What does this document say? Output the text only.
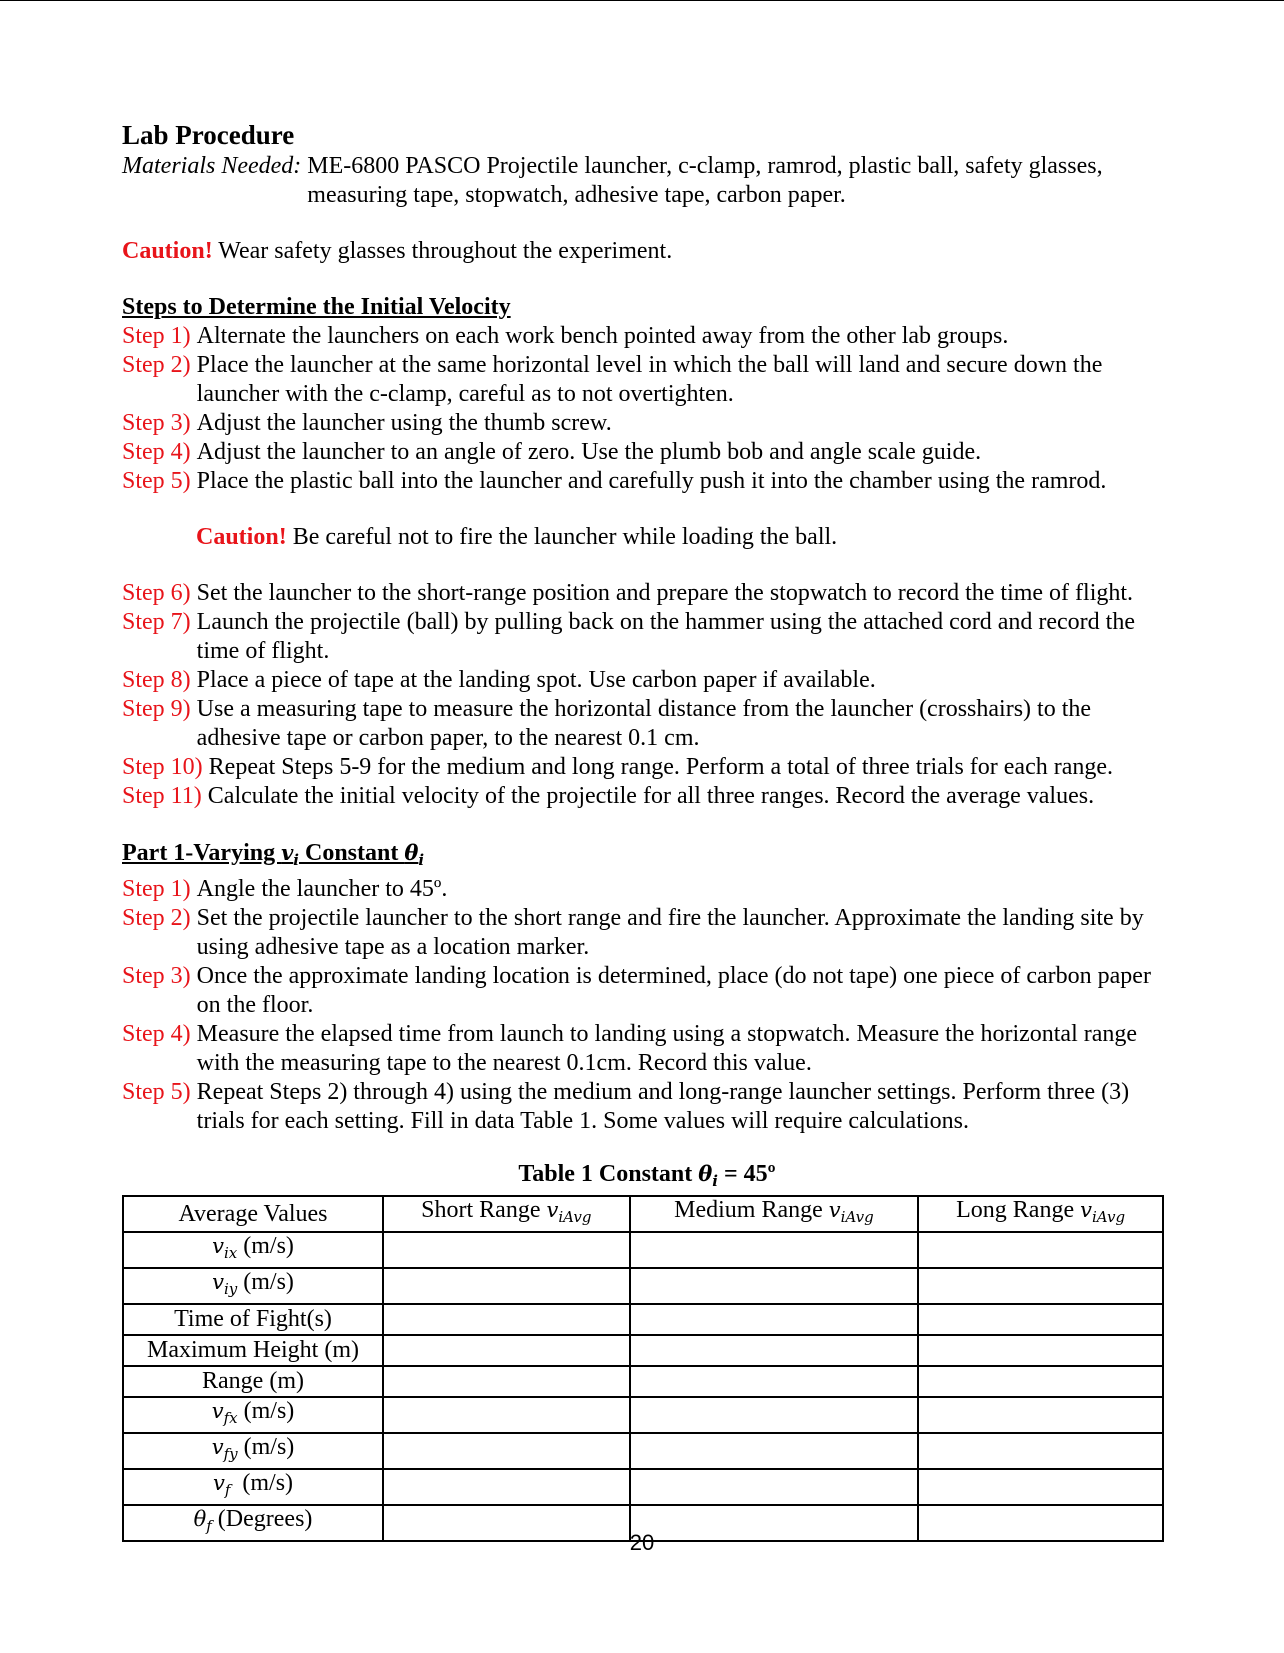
Lab Procedure
Materials Needed: ME-6800 PASCO Projectile launcher, c-clamp, ramrod, plastic ball, safety glasses,
measuring tape, stopwatch, adhesive tape, carbon paper.
Caution! Wear safety glasses throughout the experiment.
Steps to Determine the Initial Velocity
Step 1) Alternate the launchers on each work bench pointed away from the other lab groups.
Step 2) Place the launcher at the same horizontal level in which the ball will land and secure down the launcher with the c-clamp, careful as to not overtighten.
Step 3) Adjust the launcher using the thumb screw.
Step 4) Adjust the launcher to an angle of zero. Use the plumb bob and angle scale guide.
Step 5) Place the plastic ball into the launcher and carefully push it into the chamber using the ramrod.
Caution! Be careful not to fire the launcher while loading the ball.
Step 6) Set the launcher to the short-range position and prepare the stopwatch to record the time of flight.
Step 7) Launch the projectile (ball) by pulling back on the hammer using the attached cord and record the time of flight.
Step 8) Place a piece of tape at the landing spot. Use carbon paper if available.
Step 9) Use a measuring tape to measure the horizontal distance from the launcher (crosshairs) to the adhesive tape or carbon paper, to the nearest 0.1 cm.
Step 10) Repeat Steps 5-9 for the medium and long range. Perform a total of three trials for each range.
Step 11) Calculate the initial velocity of the projectile for all three ranges. Record the average values.
Part 1-Varying $v_i$ Constant $\theta_i$
Step 1) Angle the launcher to 45º.
Step 2) Set the projectile launcher to the short range and fire the launcher. Approximate the landing site by using adhesive tape as a location marker.
Step 3) Once the approximate landing location is determined, place (do not tape) one piece of carbon paper on the floor.
Step 4) Measure the elapsed time from launch to landing using a stopwatch. Measure the horizontal range with the measuring tape to the nearest 0.1cm. Record this value.
Step 5) Repeat Steps 2) through 4) using the medium and long-range launcher settings. Perform three (3) trials for each setting. Fill in data Table 1. Some values will require calculations.
Table 1 Constant $\theta_i$ = 45º
Average Values	Short Range $v_{iAvg}$	Medium Range $v_{iAvg}$	Long Range $v_{iAvg}$
$v_{ix}$ (m/s)			
$v_{iy}$ (m/s)			
Time of Fight(s)			
Maximum Height (m)			
Range (m)			
$v_{fx}$ (m/s)			
$v_{fy}$ (m/s)			
$v_f$  (m/s)			
$\theta_f$ (Degrees)			
20
